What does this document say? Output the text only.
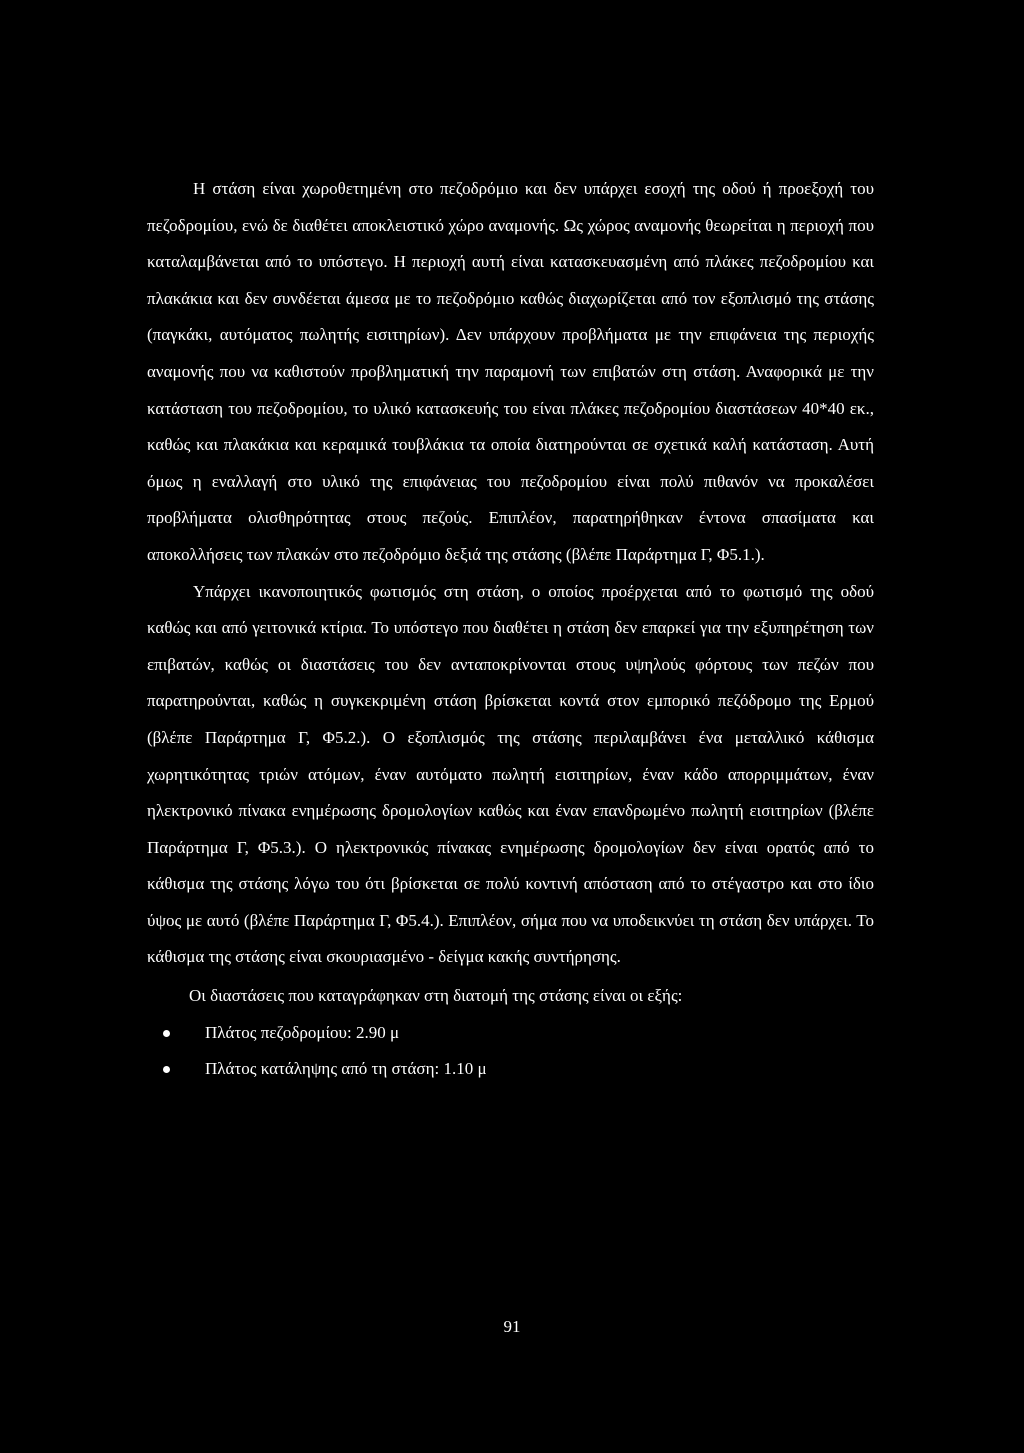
Η στάση είναι χωροθετημένη στο πεζοδρόμιο και δεν υπάρχει εσοχή της οδού ή προεξοχή του πεζοδρομίου, ενώ δε διαθέτει αποκλειστικό χώρο αναμονής. Ως χώρος αναμονής θεωρείται η περιοχή που καταλαμβάνεται από το υπόστεγο. Η περιοχή αυτή είναι κατασκευασμένη από πλάκες πεζοδρομίου και πλακάκια και δεν συνδέεται άμεσα με το πεζοδρόμιο καθώς διαχωρίζεται από τον εξοπλισμό της στάσης (παγκάκι, αυτόματος πωλητής εισιτηρίων). Δεν υπάρχουν προβλήματα με την επιφάνεια της περιοχής αναμονής που να καθιστούν προβληματική την παραμονή των επιβατών στη στάση. Αναφορικά με την κατάσταση του πεζοδρομίου, το υλικό κατασκευής του είναι πλάκες πεζοδρομίου διαστάσεων 40*40 εκ., καθώς και πλακάκια και κεραμικά τουβλάκια τα οποία διατηρούνται σε σχετικά καλή κατάσταση. Αυτή όμως η εναλλαγή στο υλικό της επιφάνειας του πεζοδρομίου είναι πολύ πιθανόν να προκαλέσει προβλήματα ολισθηρότητας στους πεζούς. Επιπλέον, παρατηρήθηκαν έντονα σπασίματα και αποκολλήσεις των πλακών στο πεζοδρόμιο δεξιά της στάσης (βλέπε Παράρτημα Γ, Φ5.1.).

Υπάρχει ικανοποιητικός φωτισμός στη στάση, ο οποίος προέρχεται από το φωτισμό της οδού καθώς και από γειτονικά κτίρια. Το υπόστεγο που διαθέτει η στάση δεν επαρκεί για την εξυπηρέτηση των επιβατών, καθώς οι διαστάσεις του δεν ανταποκρίνονται στους υψηλούς φόρτους των πεζών που παρατηρούνται, καθώς η συγκεκριμένη στάση βρίσκεται κοντά στον εμπορικό πεζόδρομο της Ερμού (βλέπε Παράρτημα Γ, Φ5.2.). Ο εξοπλισμός της στάσης περιλαμβάνει ένα μεταλλικό κάθισμα χωρητικότητας τριών ατόμων, έναν αυτόματο πωλητή εισιτηρίων, έναν κάδο απορριμμάτων, έναν ηλεκτρονικό πίνακα ενημέρωσης δρομολογίων καθώς και έναν επανδρωμένο πωλητή εισιτηρίων (βλέπε Παράρτημα Γ, Φ5.3.). Ο ηλεκτρονικός πίνακας ενημέρωσης δρομολογίων δεν είναι ορατός από το κάθισμα της στάσης λόγω του ότι βρίσκεται σε πολύ κοντινή απόσταση από το στέγαστρο και στο ίδιο ύψος με αυτό (βλέπε Παράρτημα Γ, Φ5.4.). Επιπλέον, σήμα που να υποδεικνύει τη στάση δεν υπάρχει. Το κάθισμα της στάσης είναι σκουριασμένο - δείγμα κακής συντήρησης.

Οι διαστάσεις που καταγράφηκαν στη διατομή της στάσης είναι οι εξής:

Πλάτος πεζοδρομίου: 2.90 μ
Πλάτος κατάληψης από τη στάση: 1.10 μ
91
